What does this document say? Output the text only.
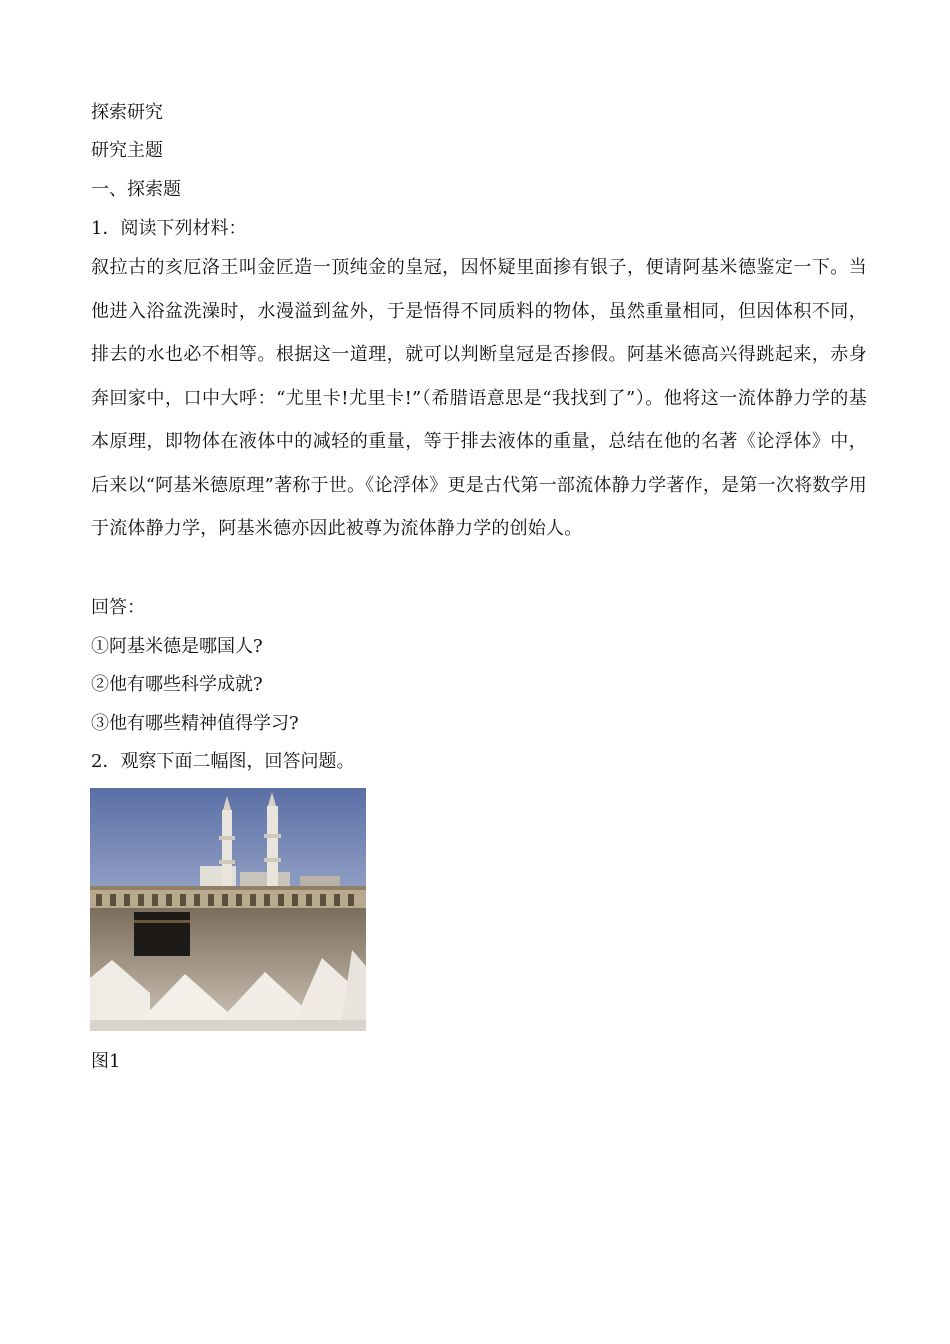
探索研究
研究主题
一、探索题
1．阅读下列材料：
叙拉古的亥厄洛王叫金匠造一顶纯金的皇冠，因怀疑里面掺有银子，便请阿基米德鉴定一下。当他进入浴盆洗澡时，水漫溢到盆外，于是悟得不同质料的物体，虽然重量相同，但因体积不同，排去的水也必不相等。根据这一道理，就可以判断皇冠是否掺假。阿基米德高兴得跳起来，赤身奔回家中，口中大呼：“尤里卡!尤里卡!”（希腊语意思是“我找到了”）。他将这一流体静力学的基本原理，即物体在液体中的减轻的重量，等于排去液体的重量，总结在他的名著《论浮体》中，后来以“阿基米德原理”著称于世。《论浮体》更是古代第一部流体静力学著作，是第一次将数学用于流体静力学，阿基米德亦因此被尊为流体静力学的创始人。
回答：
①阿基米德是哪国人?
②他有哪些科学成就?
③他有哪些精神值得学习?
2．观察下面二幅图，回答问题。
图1
